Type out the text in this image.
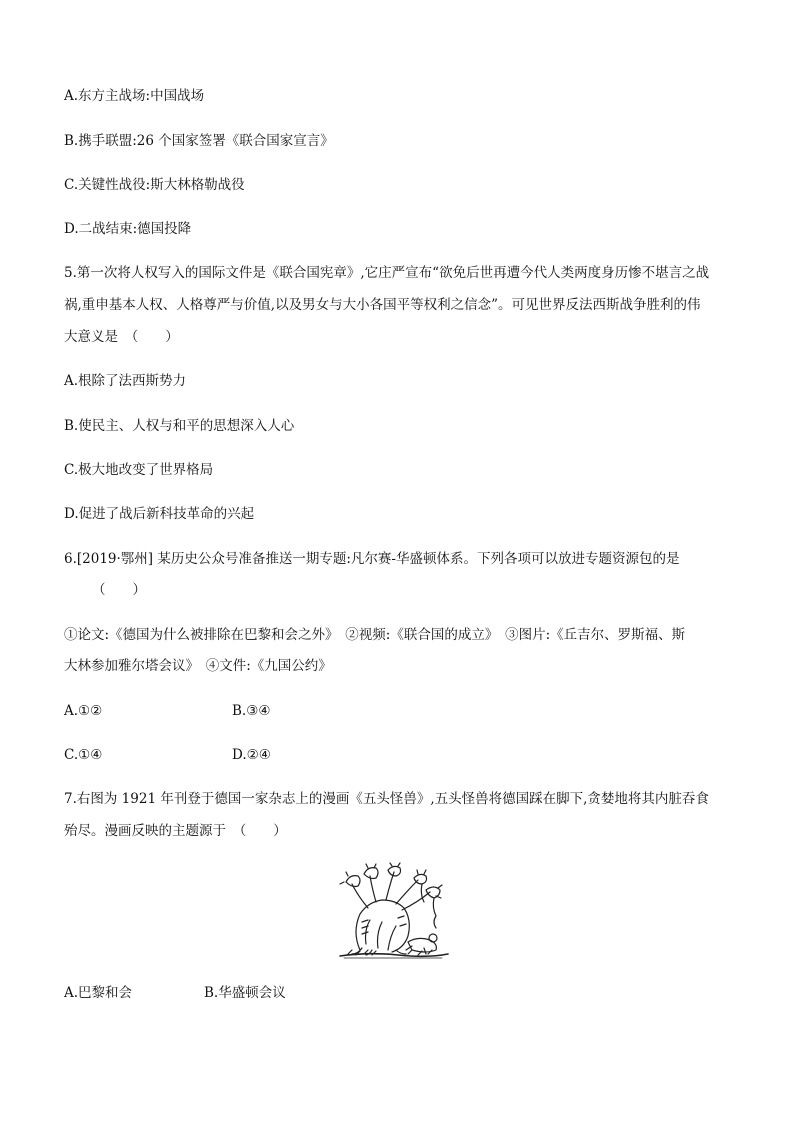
A.东方主战场:中国战场
B.携手联盟:26 个国家签署《联合国家宣言》
C.关键性战役:斯大林格勒战役
D.二战结束:德国投降
5.第一次将人权写入的国际文件是《联合国宪章》,它庄严宣布“欲免后世再遭今代人类两度身历惨不堪言之战
祸,重申基本人权、人格尊严与价值,以及男女与大小各国平等权利之信念”。可见世界反法西斯战争胜利的伟
大意义是　（　　）
A.根除了法西斯势力
B.使民主、人权与和平的思想深入人心
C.极大地改变了世界格局
D.促进了战后新科技革命的兴起
6.[2019·鄂州] 某历史公众号准备推送一期专题:凡尔赛-华盛顿体系。下列各项可以放进专题资源包的是
（　　）
①论文:《德国为什么被排除在巴黎和会之外》　②视频:《联合国的成立》　③图片:《丘吉尔、罗斯福、斯
大林参加雅尔塔会议》　④文件:《九国公约》
A.①②	B.③④
C.①④	D.②④
7.右图为 1921 年刊登于德国一家杂志上的漫画《五头怪兽》,五头怪兽将德国踩在脚下,贪婪地将其内脏吞食
殆尽。漫画反映的主题源于　（　　）
A.巴黎和会	B.华盛顿会议
